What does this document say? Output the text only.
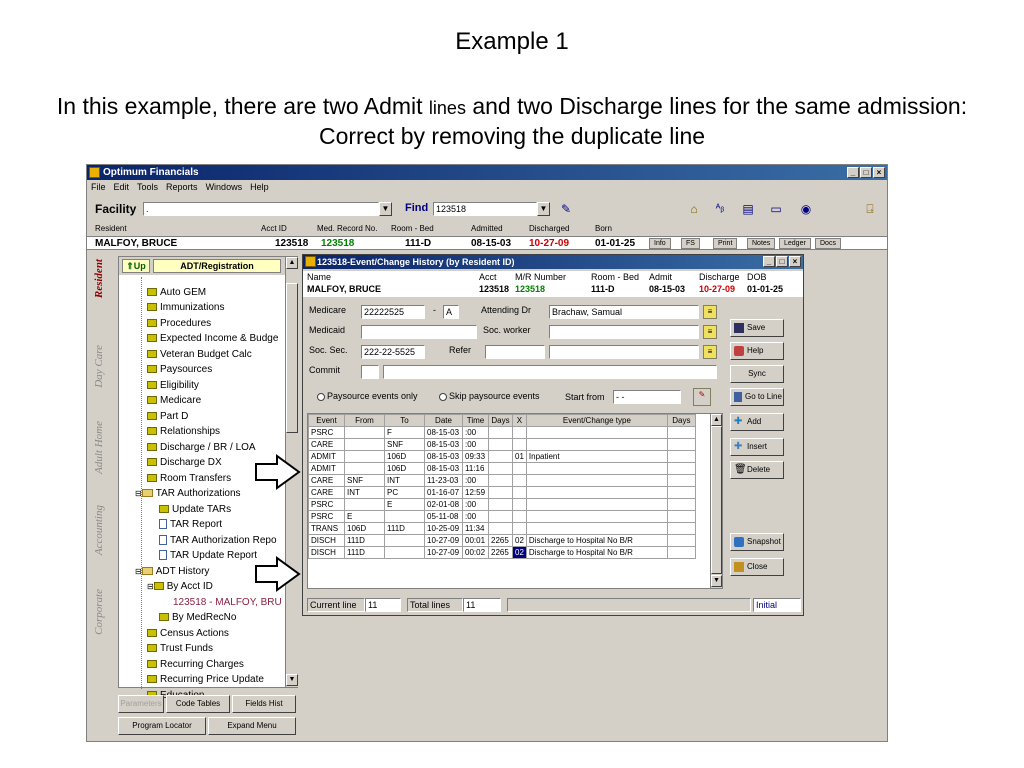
Example 1
In this example, there are two Admit lines and two Discharge lines for the same admission: Correct by removing the duplicate line
Optimum Financials	_	□	×
File Edit Tools Reports Windows Help
Facility	.	▼ Find 123518	▼	✎	⌂	ᴬᵦ	▤ ▭	◉	⍈
Resident	Acct ID	Med. Record No. Room - Bed	Admitted	Discharged	Born
MALFOY, BRUCE	123518 123518	111-D	08-15-03 10-27-09	01-01-25	Info	FS	Print	Notes	Ledger	Docs
Resident
Day Care
Adult Home
Accounting
Corporate
⇑Up	ADT/Registration
Auto GEM
Immunizations
Procedures
Expected Income & Budge
Veteran Budget Calc
Paysources
Eligibility
Medicare
Part D
Relationships
Discharge / BR / LOA
Discharge DX
Room Transfers
⊟ TAR Authorizations
Update TARs
TAR Report
TAR Authorization Repo
TAR Update Report
⊟ ADT History
⊟ By Acct ID
123518 - MALFOY, BRU
By MedRecNo
Census Actions
Trust Funds
Recurring Charges
Recurring Price Update
▲
▼
Parameters	Code Tables	Fields Hist
Program Locator	Expand Menu
123518-Event/Change History (by Resident ID)	_	□	×
Name	Acct M/R Number	Room - Bed Admit	Discharge DOB
MALFOY, BRUCE	123518 123518	111-D	08-15-03 10-27-09 01-01-25
Medicare	22222525	-	A	Attending Dr	Brachaw, Samual	≡
Medicaid	Soc. worker	≡
Soc. Sec.	222-22-5525	Refer	≡
Commit
Paysource events only	Skip paysource events	Start from	- -	✎
Event	From	To	Date	Time	Days	X	Event/Change type	Days
PSRC		F	08-15-03	:00				
CARE		SNF	08-15-03	:00				
ADMIT		106D	08-15-03	09:33		01	Inpatient	
ADMIT		106D	08-15-03	11:16				
CARE	SNF	INT	11-23-03	:00				
CARE	INT	PC	01-16-07	12:59				
PSRC		E	02-01-08	:00				
PSRC	E		05-11-08	:00				
TRANS	106D	111D	10-25-09	11:34				
DISCH	111D		10-27-09	00:01	2265	02	Discharge to Hospital No B/R	
DISCH	111D		10-27-09	00:02	2265	02	Discharge to Hospital No B/R	
▲
▼
Save
Help
Sync
Go to Line
✚ Add
✚ Insert
🗑Delete
Snapshot
Close
Current line	11	Total lines	11	Initial
